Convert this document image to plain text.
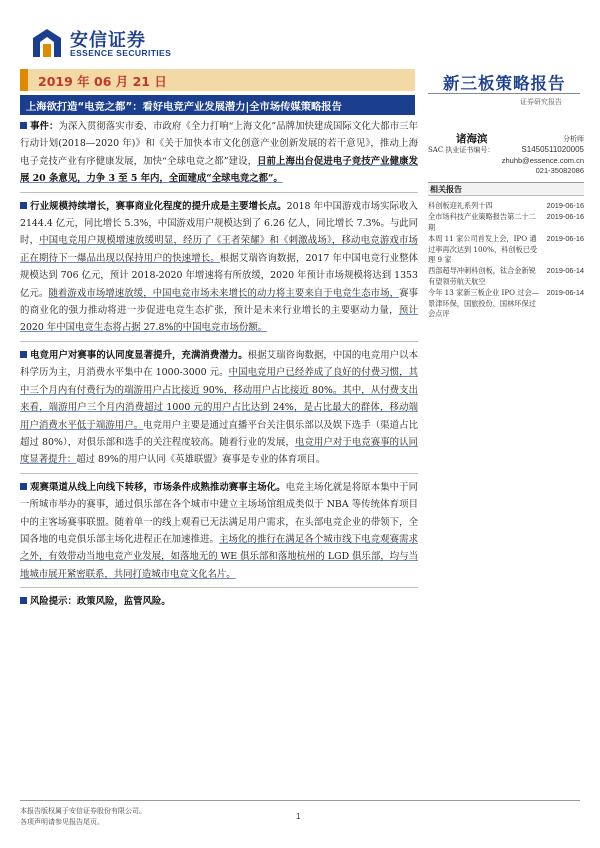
安信证券
ESSENCE SECURITIES
2019 年 06 月 21 日
上海欲打造“电竞之都”：看好电竞产业发展潜力|全市场传媒策略报告
新三板策略报告
证券研究报告

事件：为深入贯彻落实市委、市政府《全力打响“上海文化”品牌加快建成国际文化大都市三年行动计划(2018—2020 年)》和《关于加快本市文化创意产业创新发展的若干意见》，推动上海电子竞技产业有序健康发展，加快“全球电竞之都”建设，日前上海出台促进电子竞技产业健康发展 20 条意见，力争 3 至 5 年内，全面建成“全球电竞之都”。

行业规模持续增长，赛事商业化程度的提升成是主要增长点。2018 年中国游戏市场实际收入 2144.4 亿元，同比增长 5.3%，中国游戏用户规模达到了 6.26 亿人，同比增长 7.3%。与此同时，中国电竞用户规模增速放缓明显，经历了《王者荣耀》和《刺激战场》，移动电竞游戏市场正在期待下一爆品出现以保持用户的快速增长。根据艾瑞咨询数据，2017 年中国电竞行业整体规模达到 706 亿元，预计 2018-2020 年增速将有所放缓，2020 年预计市场规模将达到 1353 亿元。随着游戏市场增速放缓，中国电竞市场未来增长的动力将主要来自于电竞生态市场，赛事的商业化的强力推动将进一步促进电竞生态扩张，预计是未来行业增长的主要驱动力量，预计 2020 年中国电竞生态将占据 27.8%的中国电竞市场份额。

电竞用户对赛事的认同度显著提升，充满消费潜力。根据艾瑞咨询数据，中国的电竞用户以本科学历为主，月消费水平集中在 1000-3000 元。中国电竞用户已经养成了良好的付费习惯，其中三个月内有付费行为的端游用户占比接近 90%，移动用户占比接近 80%。其中，从付费支出来看，端游用户三个月内消费超过 1000 元的用户占比达到 24%，是占比最大的群体，移动端用户消费水平低于端游用户。电竞用户主要是通过直播平台关注俱乐部以及娱下选手（渠道占比超过 80%），对俱乐部和选手的关注程度较高。随着行业的发展，电竞用户对于电竞赛事的认同度显著提升：超过 89%的用户认同《英雄联盟》赛事是专业的体育项目。

观赛渠道从线上向线下转移，市场条件成熟推动赛事主场化。电竞主场化就是将原本集中于同一所城市举办的赛事，通过俱乐部在各个城市中建立主场场馆组成类似于 NBA 等传统体育项目中的主客场赛事联盟。随着单一的线上观看已无法满足用户需求，在头部电竞企业的带领下，全国各地的电竞俱乐部主场化进程正在加速推进。主场化的推行在满足各个城市线下电竞观赛需求之外，有效带动当地电竞产业发展，如落地无的 WE 俱乐部和落地杭州的 LGD 俱乐部，均与当地城市展开紧密联系，共同打造城市电竞文化名片。

风险提示：政策风险，监管风险。

诸海滨	分析师
SAC 执业证书编号：	S1450511020005
zhuhb@essence.com.cn
021-35082086
相关报告
科创板迎礼系列十四	2019-06-16
全市场科技产业策略报告第二十二期
2019-06-16
本周 11 家公司首发上会，IPO 通过率再次达到 100%，科创板已受理 9 家
2019-06-16
西部超导冲刺科创板，钛合金新锐有望领劳航天航空
2019-06-14
今年 13 家新三板企业 IPO 过会—景津环保，国旅投份，国林环保过会点评
2019-06-14
本报告版权属于安信证券股份有限公司。
各项声明请参见报告尾页。
1
